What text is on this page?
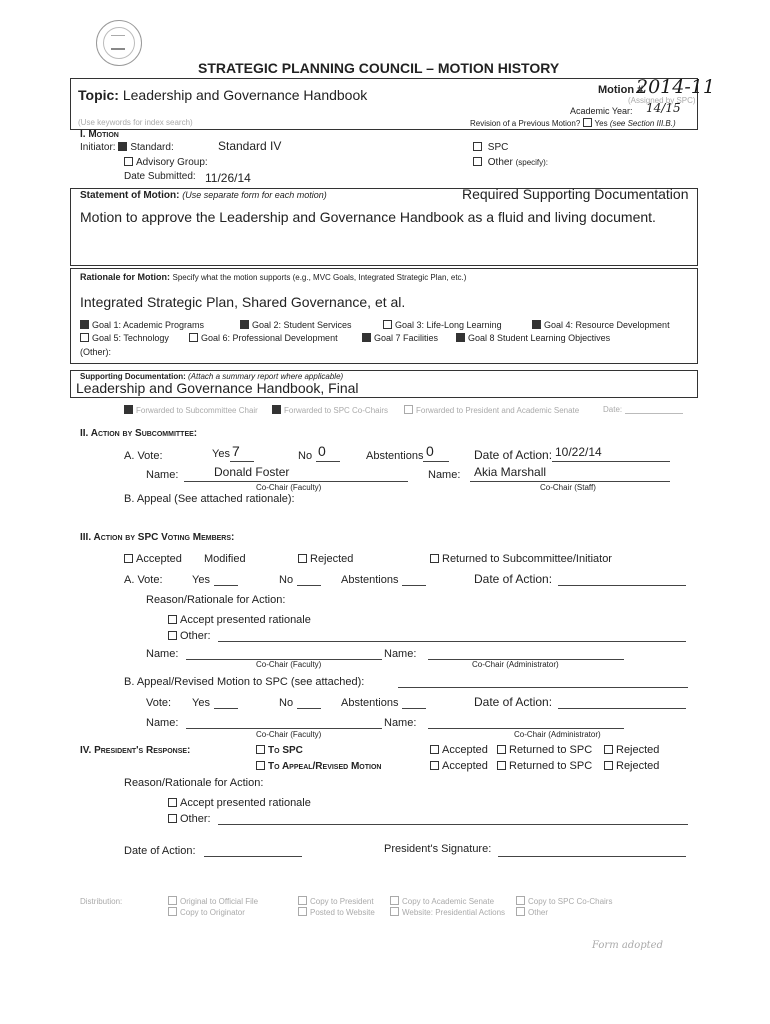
STRATEGIC PLANNING COUNCIL – MOTION HISTORY
Topic: Leadership and Governance Handbook
(Use keywords for index search)
Motion #
2014-11
(Assigned by SPC)
Academic Year: 14/15
Revision of a Previous Motion? Yes (see Section III.B.)
I. Motion
Initiator: Standard:	Standard IV
Advisory Group:
Date Submitted: 11/26/14
SPC
Other (specify):
Statement of Motion: (Use separate form for each motion)	Required Supporting Documentation
Motion to approve the Leadership and Governance Handbook as a fluid and living document.
Rationale for Motion: Specify what the motion supports (e.g., MVC Goals, Integrated Strategic Plan, etc.)
Integrated Strategic Plan, Shared Governance, et al.
Goal 1: Academic Programs	Goal 2: Student Services	Goal 3: Life-Long Learning	Goal 4: Resource Development
Goal 5: Technology	Goal 6: Professional Development	Goal 7 Facilities	Goal 8 Student Learning Objectives
(Other):
Supporting Documentation: (Attach a summary report where applicable)
Leadership and Governance Handbook, Final
Forwarded to Subcommittee Chair	Forwarded to SPC Co-Chairs	Forwarded to President and Academic Senate	Date:
II. Action by Subcommittee:
A. Vote:	Yes 7	No 0	Abstentions 0	Date of Action: 10/22/14
Name:	Donald Foster
Co-Chair (Faculty)
Name: Akia Marshall
Co-Chair (Staff)
B. Appeal (See attached rationale):
III. Action by SPC Voting Members:
Accepted Modified	Rejected	Returned to Subcommittee/Initiator
A. Vote:	Yes	No	Abstentions	Date of Action:
Reason/Rationale for Action:
Accept presented rationale
Other:
Name:
Co-Chair (Faculty)
Name:
Co-Chair (Administrator)
B. Appeal/Revised Motion to SPC (see attached):
Vote: Yes	No	Abstentions	Date of Action:
Name:
Co-Chair (Faculty)
Name:
Co-Chair (Administrator)
IV. President's Response:	To SPC
To Appeal/Revised Motion
Accepted	Returned to SPC	Rejected
Accepted	Returned to SPC	Rejected
Reason/Rationale for Action:
Accept presented rationale
Other:
Date of Action:	President's Signature:
Distribution:	Original to Official File
Copy to Originator
Copy to President
Posted to Website
Copy to Academic Senate
Website: Presidential Actions
Copy to SPC Co-Chairs
Other
Form adopted
